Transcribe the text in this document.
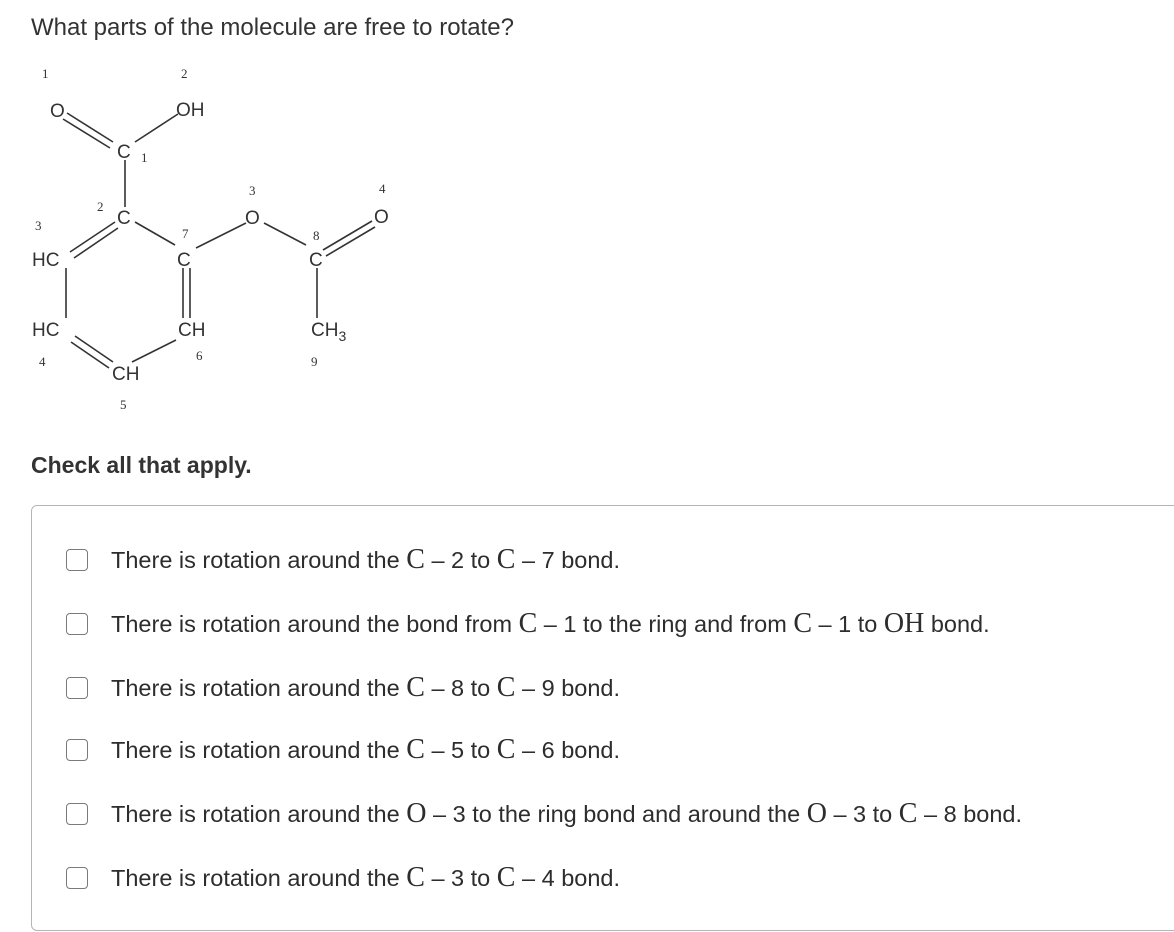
What parts of the molecule are free to rotate?
O	OH
C
C
C
HC
HC
CH
CH
O
C
O
$CH_3$
1	2
1
2
7
3
4
5
6
3
8
4
9

Check all that apply.

There is rotation around the C – 2 to C – 7 bond.
There is rotation around the bond from C – 1 to the ring and from C – 1 to OH bond.
There is rotation around the C – 8 to C – 9 bond.
There is rotation around the C – 5 to C – 6 bond.
There is rotation around the O – 3 to the ring bond and around the O – 3 to C – 8 bond.
There is rotation around the C – 3 to C – 4 bond.
